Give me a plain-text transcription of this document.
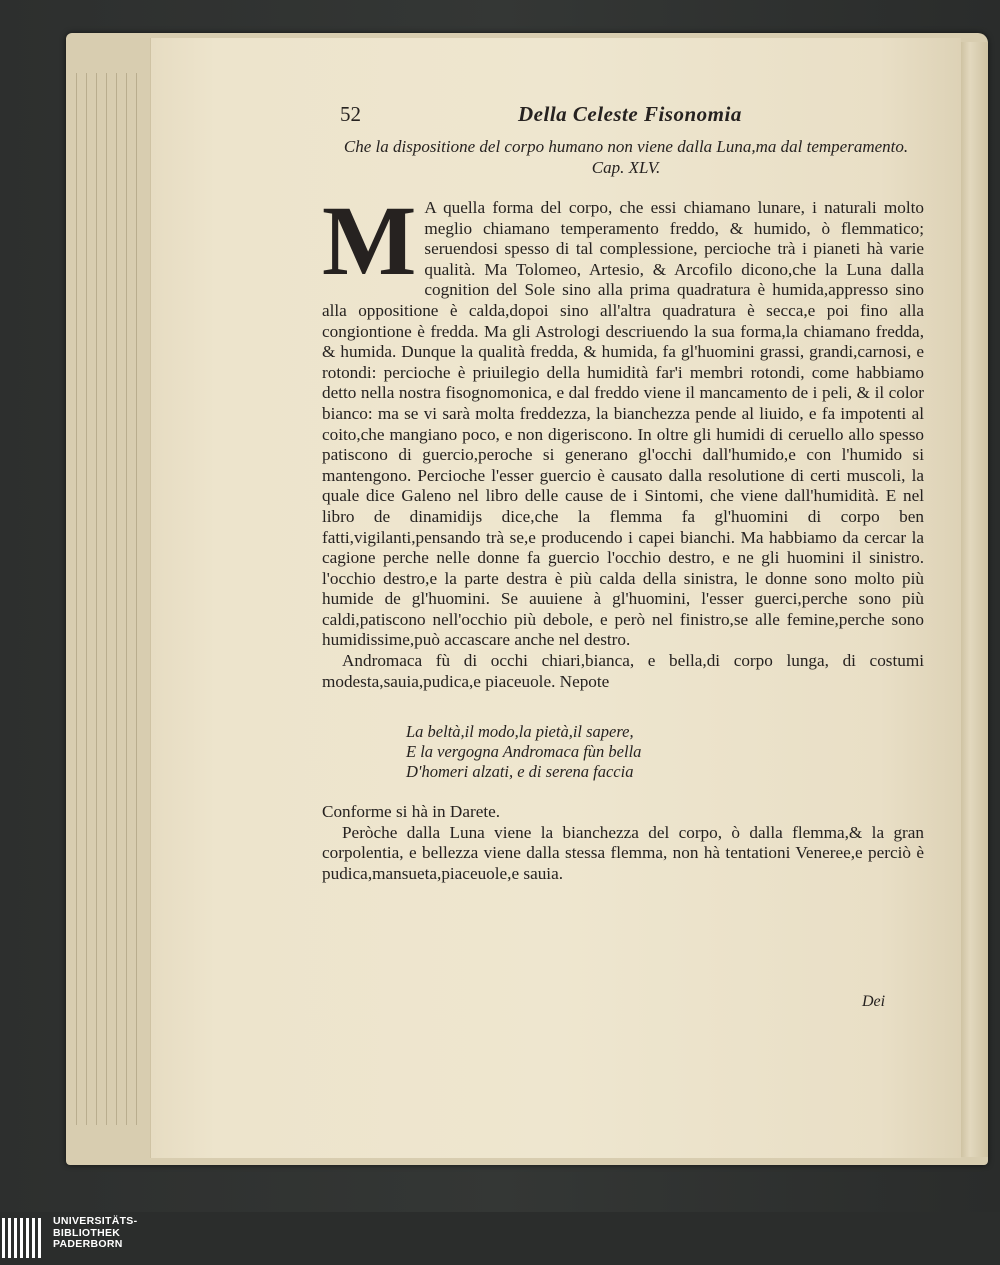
52	Della Celeste Fisonomia

Che la dispositione del corpo humano non viene dalla Luna,ma dal temperamento. Cap. XLV.

M A quella forma del corpo, che essi chiamano lunare, i naturali molto meglio chiamano temperamento freddo, & humido, ò flemmatico; seruendosi spesso di tal complessione, percioche trà i pianeti hà varie qualità. Ma Tolomeo, Artesio, & Arcofilo dicono,che la Luna dalla cognition del Sole sino alla prima quadratura è humida,appresso sino alla oppositione è calda,dopoi sino all'altra quadratura è secca,e poi fino alla congiontione è fredda. Ma gli Astrologi descriuendo la sua forma,la chiamano fredda, & humida. Dunque la qualità fredda, & humida, fa gl'huomini grassi, grandi,carnosi, e rotondi: percioche è priuilegio della humidità far'i membri rotondi, come habbiamo detto nella nostra fisognomonica, e dal freddo viene il mancamento de i peli, & il color bianco: ma se vi sarà molta freddezza, la bianchezza pende al liuido, e fa impotenti al coito,che mangiano poco, e non digeriscono. In oltre gli humidi di ceruello allo spesso patiscono di guercio,peroche si generano gl'occhi dall'humido,e con l'humido si mantengono. Percioche l'esser guercio è causato dalla resolutione di certi muscoli, la quale dice Galeno nel libro delle cause de i Sintomi, che viene dall'humidità. E nel libro de dinamidijs dice,che la flemma fa gl'huomini di corpo ben fatti,vigilanti,pensando trà se,e producendo i capei bianchi. Ma habbiamo da cercar la cagione perche nelle donne fa guercio l'occhio destro, e ne gli huomini il sinistro. l'occhio destro,e la parte destra è più calda della sinistra, le donne sono molto più humide de gl'huomini. Se auuiene à gl'huomini, l'esser guerci,perche sono più caldi,patiscono nell'occhio più debole, e però nel finistro,se alle femine,perche sono humidissime,può accascare anche nel destro.

Andromaca fù di occhi chiari,bianca, e bella,di corpo lunga, di costumi modesta,sauia,pudica,e piaceuole. Nepote

La beltà,il modo,la pietà,il sapere,
E la vergogna Andromaca fùn bella
D'homeri alzati, e di serena faccia

Conforme si hà in Darete.

Peròche dalla Luna viene la bianchezza del corpo, ò dalla flemma,& la gran corpolentia, e bellezza viene dalla stessa flemma, non hà tentationi Veneree,e perciò è pudica,mansueta,piaceuole,e sauia.

Dei
UNIVERSITÄTS-
BIBLIOTHEK
PADERBORN
